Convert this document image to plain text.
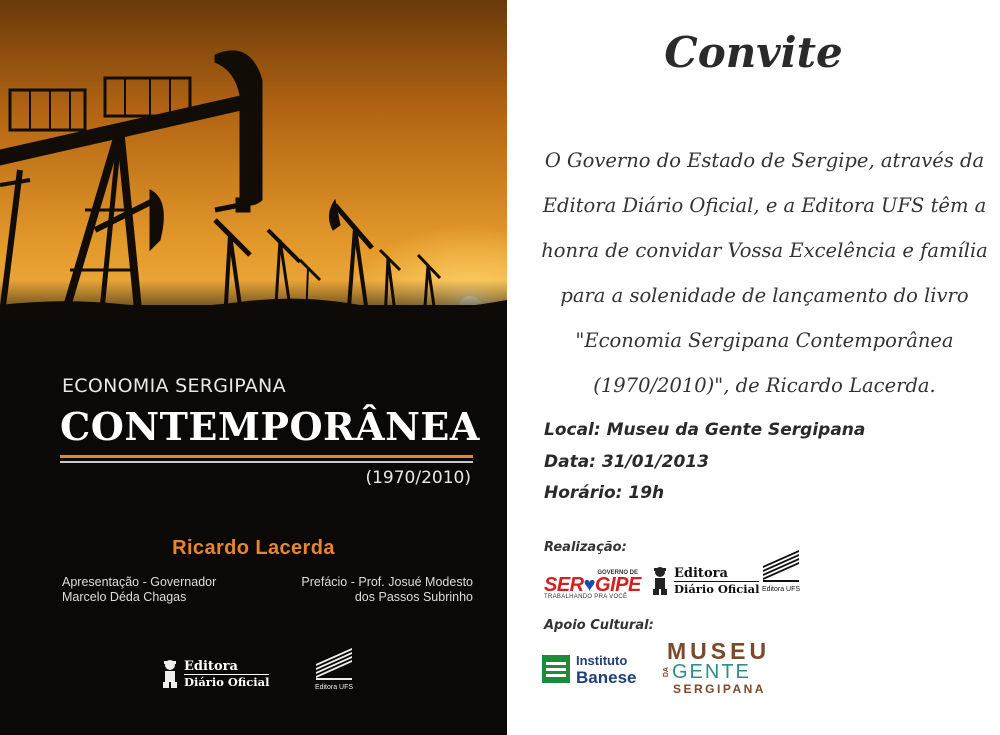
ECONOMIA SERGIPANA
CONTEMPORÂNEA
(1970/2010)
Ricardo Lacerda
Apresentação - Governador
Marcelo Déda Chagas
Prefácio - Prof. Josué Modesto
dos Passos Subrinho
Editora
Diário Oficial	Editora UFS
Convite
O Governo do Estado de Sergipe, através da Editora Diário Oficial, e a Editora UFS têm a honra de convidar Vossa Excelência e família para a solenidade de lançamento do livro "Economia Sergipana Contemporânea (1970/2010)", de Ricardo Lacerda.
Local: Museu da Gente Sergipana
Data: 31/01/2013
Horário: 19h
Realização:
GOVERNO DE
SER♥GIPE
TRABALHANDO PRA VOCÊ
Editora
Diário Oficial Editora UFS
Apoio Cultural:
Instituto
Banese
MUSEU
DA GENTE
SERGIPANA
